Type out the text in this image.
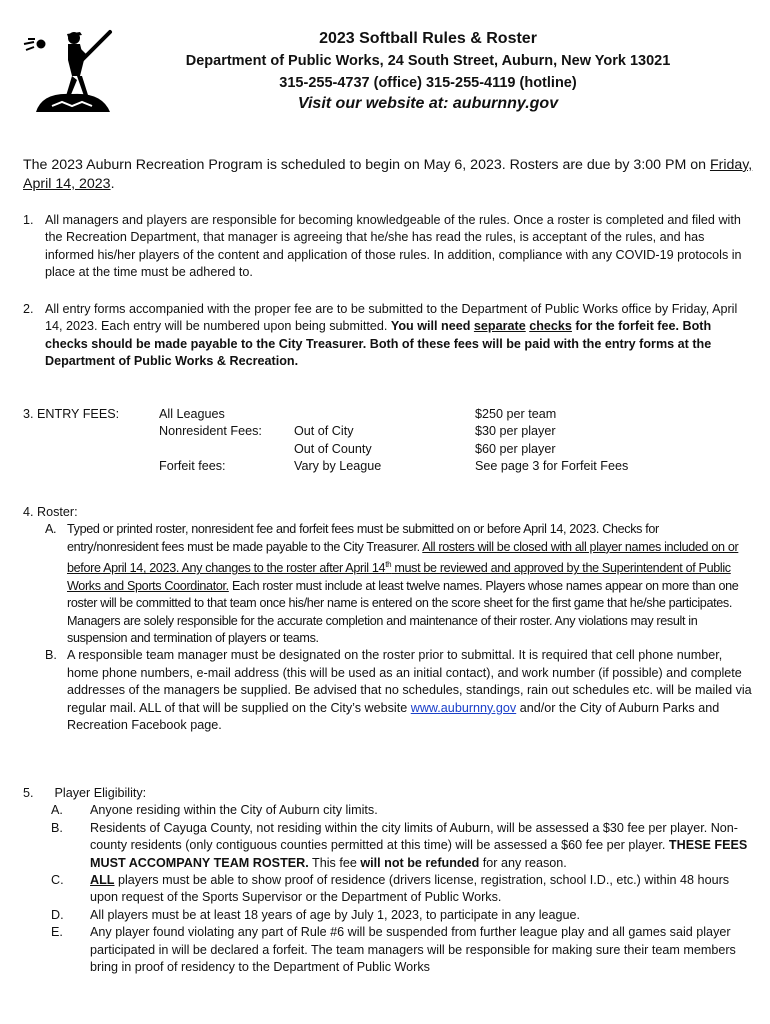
2023 Softball Rules & Roster
Department of Public Works, 24 South Street, Auburn, New York 13021
315-255-4737 (office) 315-255-4119 (hotline)
Visit our website at: auburnny.gov
The 2023 Auburn Recreation Program is scheduled to begin on May 6, 2023. Rosters are due by 3:00 PM on Friday, April 14, 2023.
1. All managers and players are responsible for becoming knowledgeable of the rules. Once a roster is completed and filed with the Recreation Department, that manager is agreeing that he/she has read the rules, is acceptant of the rules, and has informed his/her players of the content and application of those rules. In addition, compliance with any COVID-19 protocols in place at the time must be adhered to.
2. All entry forms accompanied with the proper fee are to be submitted to the Department of Public Works office by Friday, April 14, 2023. Each entry will be numbered upon being submitted. You will need separate checks for the forfeit fee. Both checks should be made payable to the City Treasurer. Both of these fees will be paid with the entry forms at the Department of Public Works & Recreation.
3. ENTRY FEES:	All Leagues	$250 per team
Nonresident Fees:	Out of City	$30 per player
Out of County	$60 per player
Forfeit fees:	Vary by League	See page 3 for Forfeit Fees
4. Roster:
A. Typed or printed roster, nonresident fee and forfeit fees must be submitted on or before April 14, 2023. Checks for entry/nonresident fees must be made payable to the City Treasurer. All rosters will be closed with all player names included on or before April 14, 2023. Any changes to the roster after April 14th must be reviewed and approved by the Superintendent of Public Works and Sports Coordinator. Each roster must include at least twelve names. Players whose names appear on more than one roster will be committed to that team once his/her name is entered on the score sheet for the first game that he/she participates. Managers are solely responsible for the accurate completion and maintenance of their roster. Any violations may result in suspension and termination of players or teams.
B. A responsible team manager must be designated on the roster prior to submittal. It is required that cell phone number, home phone numbers, e-mail address (this will be used as an initial contact), and work number (if possible) and complete addresses of the managers be supplied. Be advised that no schedules, standings, rain out schedules etc. will be mailed via regular mail. ALL of that will be supplied on the City’s website www.auburnny.gov and/or the City of Auburn Parks and Recreation Facebook page.
5.      Player Eligibility:
A. Anyone residing within the City of Auburn city limits.
B. Residents of Cayuga County, not residing within the city limits of Auburn, will be assessed a $30 fee per player. Non-county residents (only contiguous counties permitted at this time) will be assessed a $60 fee per player. THESE FEES MUST ACCOMPANY TEAM ROSTER. This fee will not be refunded for any reason.
C. ALL players must be able to show proof of residence (drivers license, registration, school I.D., etc.) within 48 hours upon request of the Sports Supervisor or the Department of Public Works.
D. All players must be at least 18 years of age by July 1, 2023, to participate in any league.
E. Any player found violating any part of Rule #6 will be suspended from further league play and all games said player participated in will be declared a forfeit. The team managers will be responsible for making sure their team members bring in proof of residency to the Department of Public Works
